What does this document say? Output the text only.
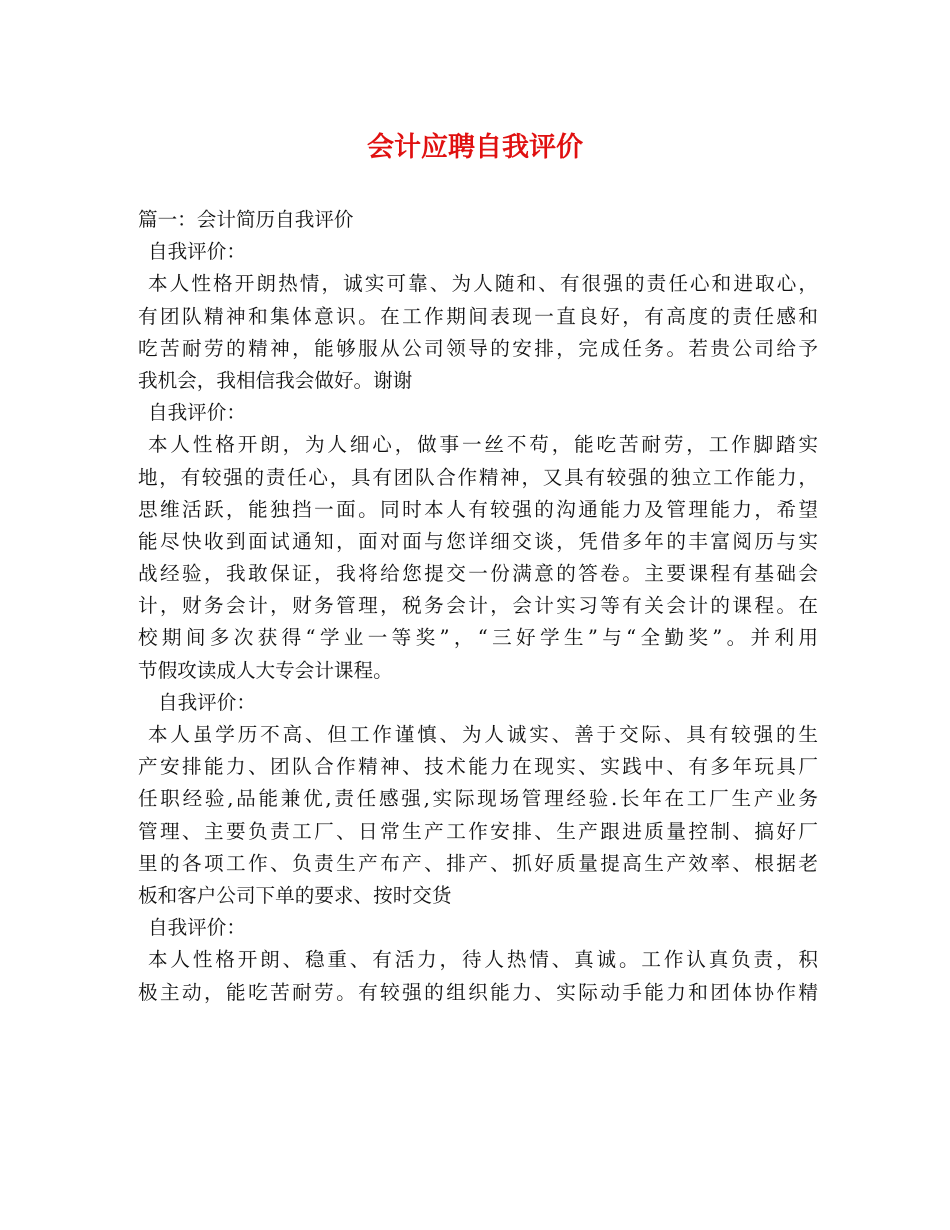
会计应聘自我评价
篇一：会计简历自我评价
自我评价：
本人性格开朗热情，诚实可靠、为人随和、有很强的责任心和进取心，
有团队精神和集体意识。在工作期间表现一直良好，有高度的责任感和
吃苦耐劳的精神，能够服从公司领导的安排，完成任务。若贵公司给予
我机会，我相信我会做好。谢谢
自我评价：
本人性格开朗，为人细心，做事一丝不苟，能吃苦耐劳，工作脚踏实
地，有较强的责任心，具有团队合作精神，又具有较强的独立工作能力，
思维活跃，能独挡一面。同时本人有较强的沟通能力及管理能力，希望
能尽快收到面试通知，面对面与您详细交谈，凭借多年的丰富阅历与实
战经验，我敢保证，我将给您提交一份满意的答卷。主要课程有基础会
计，财务会计，财务管理，税务会计，会计实习等有关会计的课程。在
校期间多次获得“学业一等奖”，“三好学生”与“全勤奖”。并利用
节假攻读成人大专会计课程。
自我评价：
本人虽学历不高、但工作谨慎、为人诚实、善于交际、具有较强的生
产安排能力、团队合作精神、技术能力在现实、实践中、有多年玩具厂
任职经验,品能兼优,责任感强,实际现场管理经验.长年在工厂生产业务
管理、主要负责工厂、日常生产工作安排、生产跟进质量控制、搞好厂
里的各项工作、负责生产布产、排产、抓好质量提高生产效率、根据老
板和客户公司下单的要求、按时交货
自我评价：
本人性格开朗、稳重、有活力，待人热情、真诚。工作认真负责，积
极主动，能吃苦耐劳。有较强的组织能力、实际动手能力和团体协作精
